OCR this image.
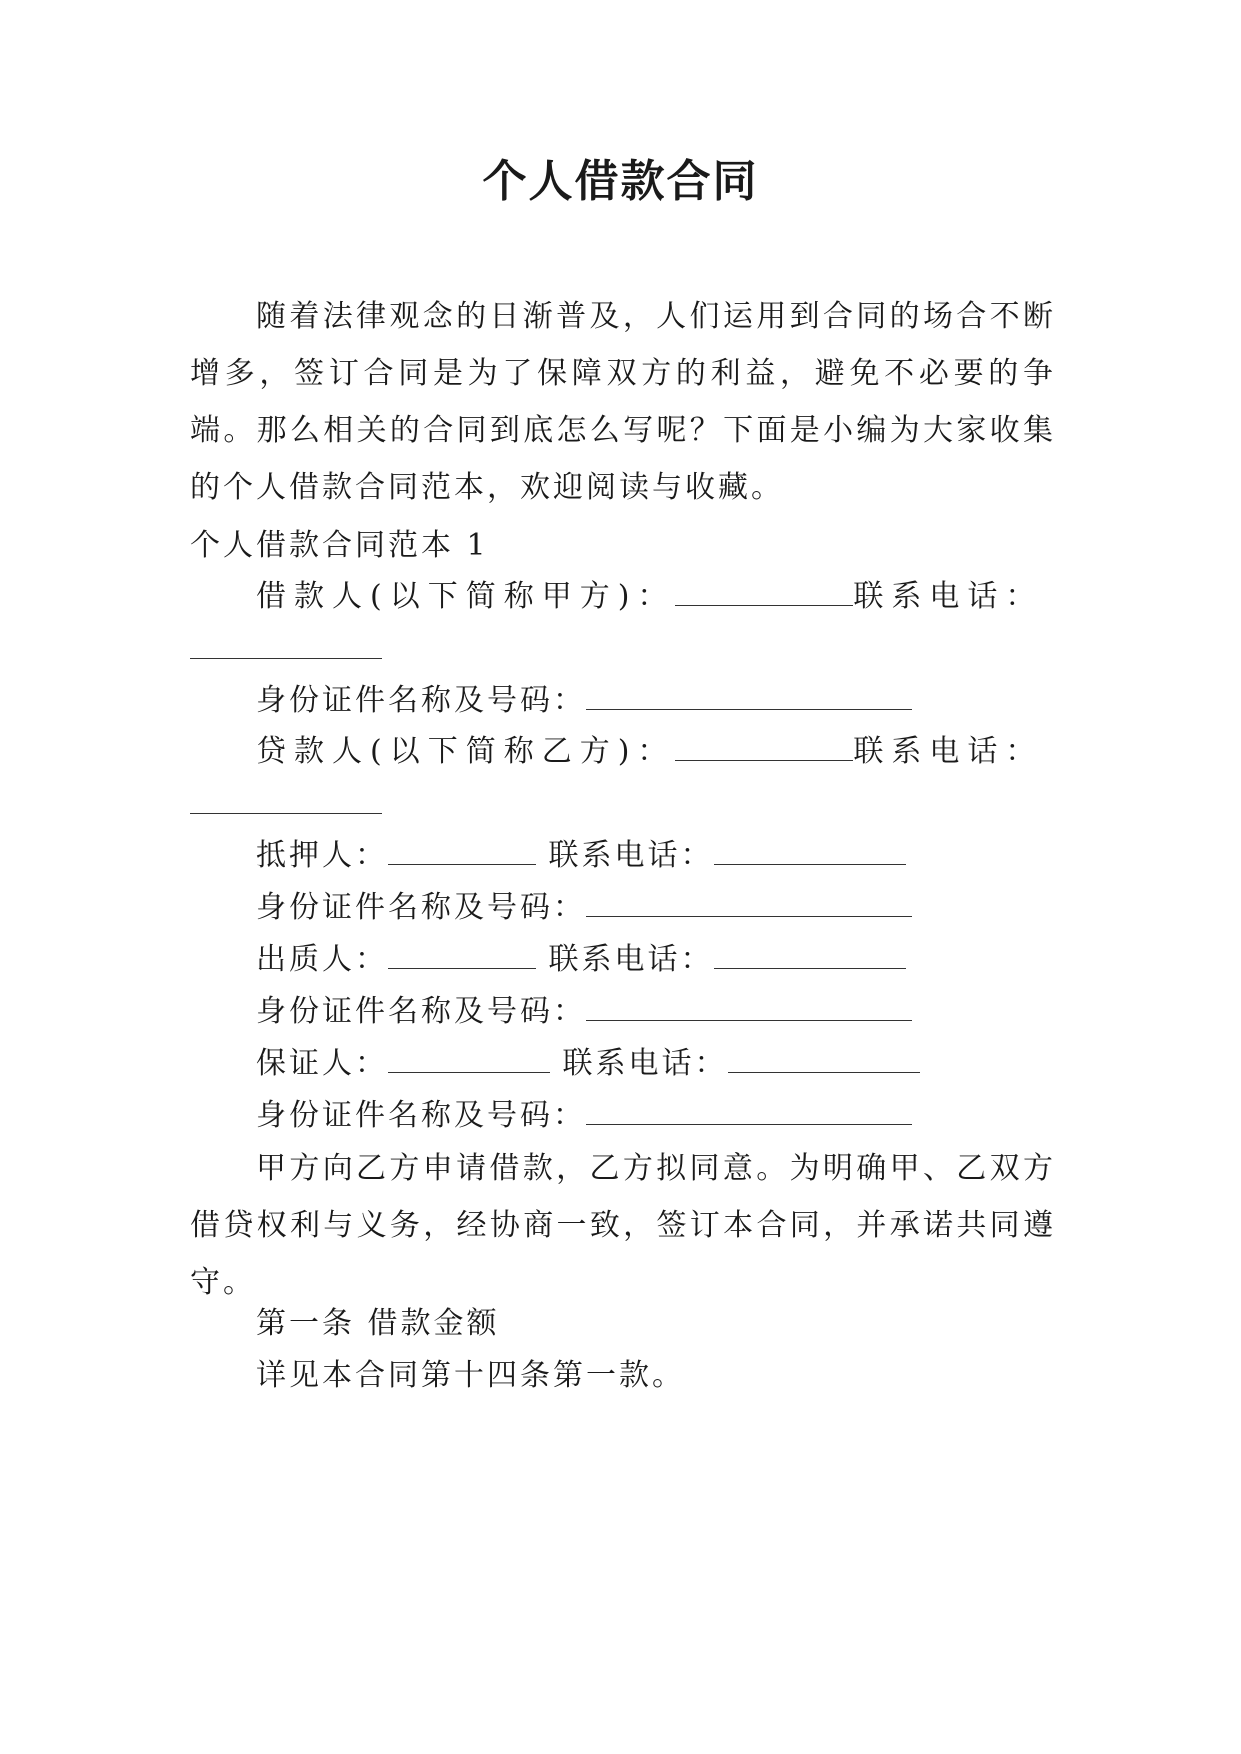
个人借款合同

随着法律观念的日渐普及，人们运用到合同的场合不断增多，签订合同是为了保障双方的利益，避免不必要的争端。那么相关的合同到底怎么写呢？下面是小编为大家收集的个人借款合同范本，欢迎阅读与收藏。

个人借款合同范本 1

借款人(以下简称甲方)：	联系电话：
身份证件名称及号码：
贷款人(以下简称乙方)：	联系电话：
抵押人：	联系电话：
身份证件名称及号码：
出质人：	联系电话：
身份证件名称及号码：
保证人：	联系电话：
身份证件名称及号码：

甲方向乙方申请借款，乙方拟同意。为明确甲、乙双方借贷权利与义务，经协商一致，签订本合同，并承诺共同遵守。

第一条 借款金额
详见本合同第十四条第一款。
